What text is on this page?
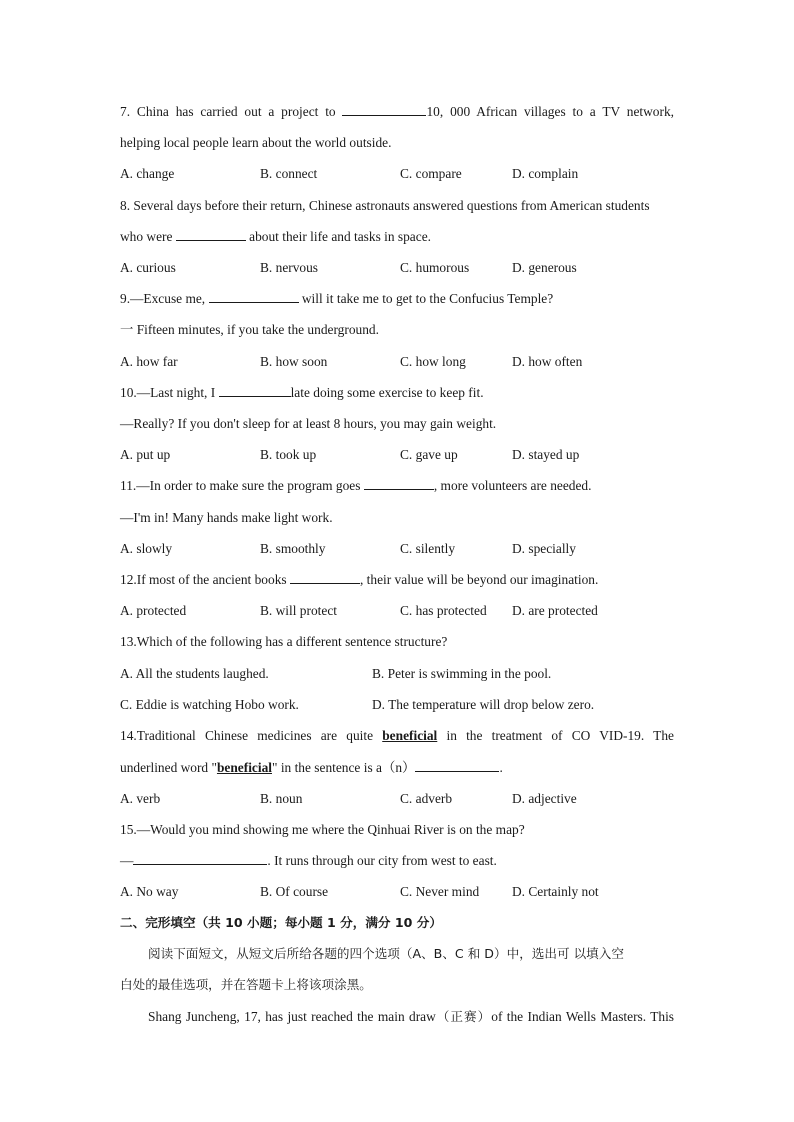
7. China has carried out a project to	10, 000 African villages to a TV network,
helping local people learn about the world outside.
A. change	B. connect	C. compare	D. complain
8. Several days before their return, Chinese astronauts answered questions from American students
who were	about their life and tasks in space.
A. curious	B. nervous	C. humorous	D. generous
9.—Excuse me,	will it take me to get to the Confucius Temple?
一 Fifteen minutes, if you take the underground.
A. how far	B. how soon	C. how long	D. how often
10.—Last night, I	late doing some exercise to keep fit.
—Really? If you don't sleep for at least 8 hours, you may gain weight.
A. put up	B. took up	C. gave up	D. stayed up
11.—In order to make sure the program goes	, more volunteers are needed.
—I'm in! Many hands make light work.
A. slowly	B. smoothly	C. silently	D. specially
12.If most of the ancient books	, their value will be beyond our imagination.
A. protected	B. will protect	C. has protected D. are protected
13.Which of the following has a different sentence structure?
A. All the students laughed.	B. Peter is swimming in the pool.
C. Eddie is watching Hobo work.	D. The temperature will drop below zero.
14.Traditional Chinese medicines are quite beneficial in the treatment of CO VID-19. The
underlined word "beneficial" in the sentence is a（n）	.
A. verb	B. noun	C. adverb	D. adjective
15.—Would you mind showing me where the Qinhuai River is on the map?
—	. It runs through our city from west to east.
A. No way	B. Of course	C. Never mind D. Certainly not
二、完形填空（共 10 小题；每小题 1 分，满分 10 分）
阅读下面短文，从短文后所给各题的四个选项（A、B、C 和 D）中，选出可 以填入空
白处的最佳选项，并在答题卡上将该项涂黑。
Shang Juncheng, 17, has just reached the main draw（正赛）of the Indian Wells Masters. This
